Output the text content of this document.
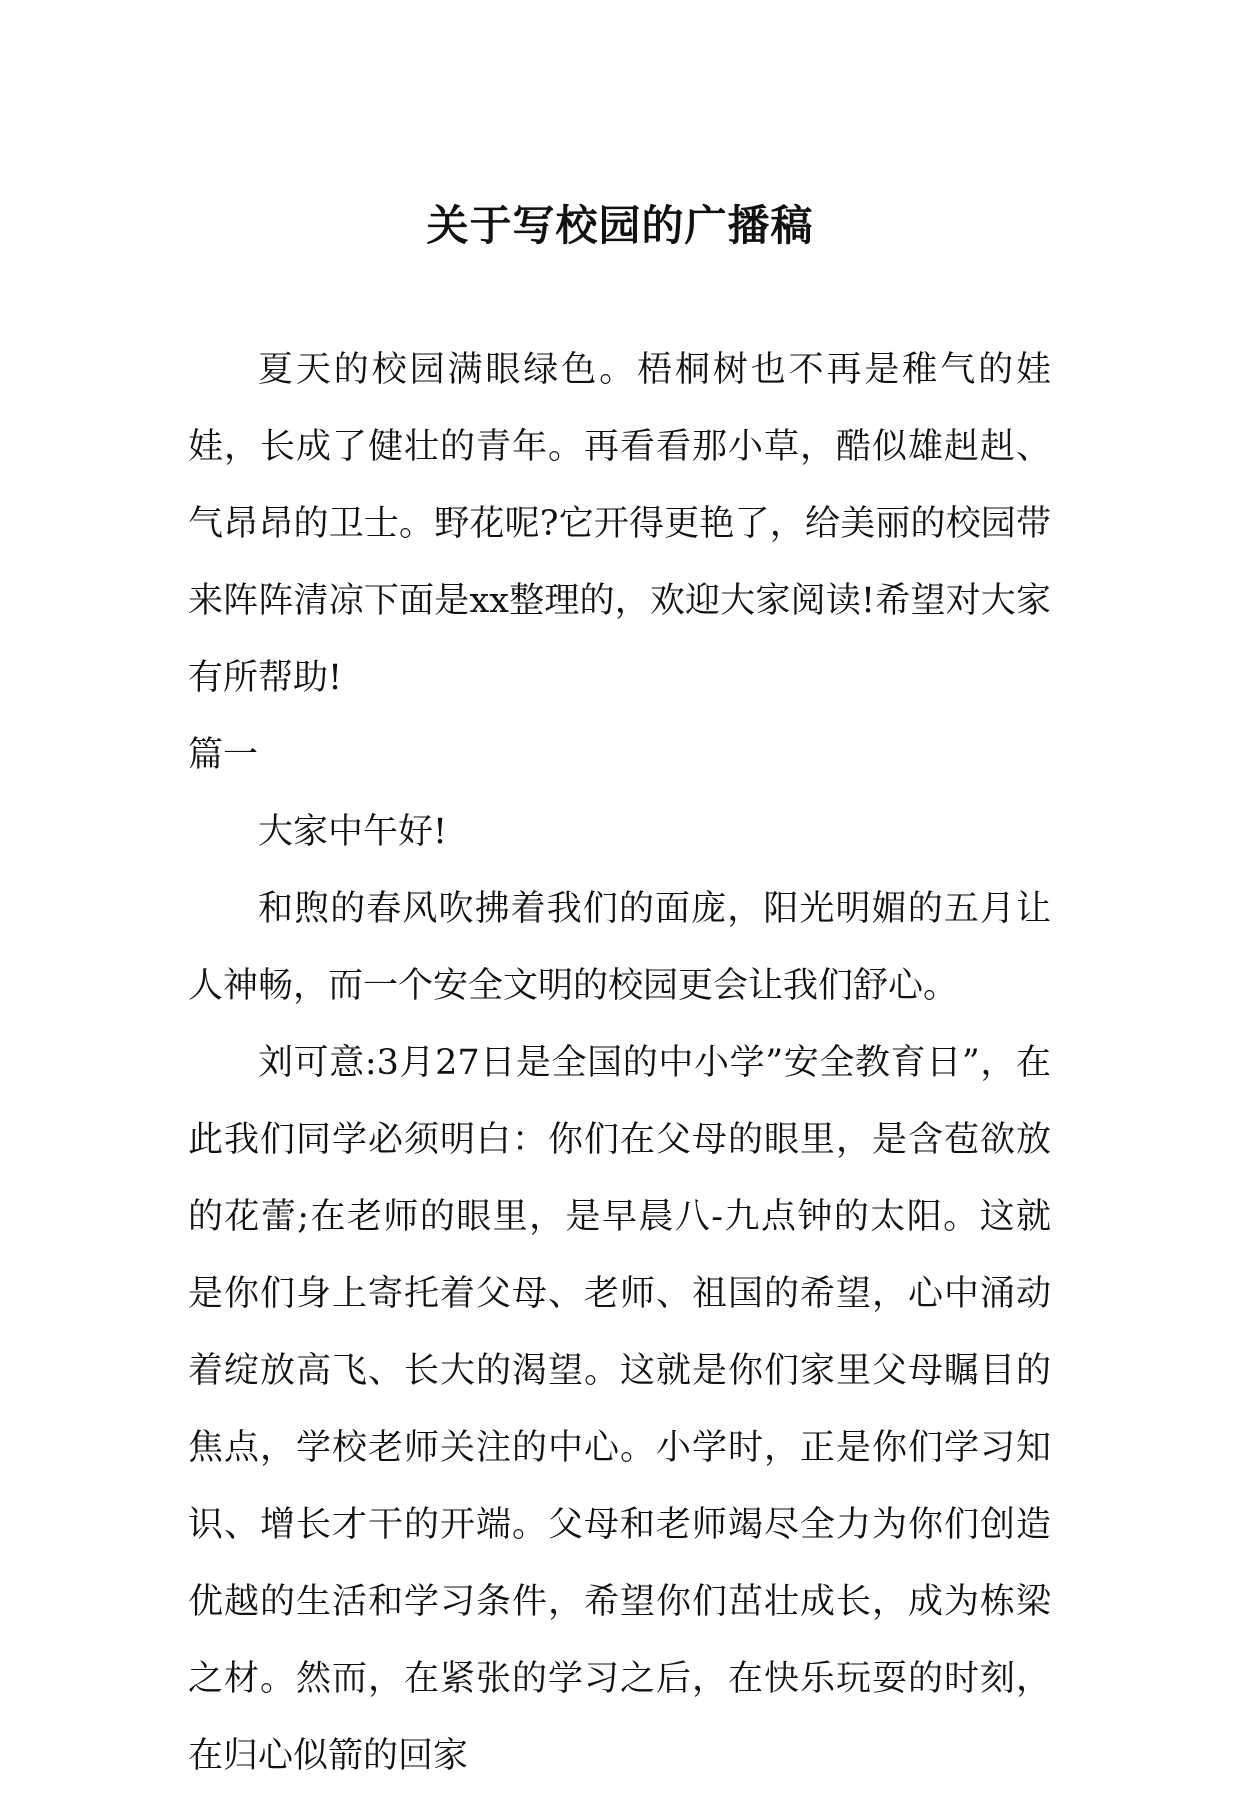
关于写校园的广播稿

夏天的校园满眼绿色。梧桐树也不再是稚气的娃娃，长成了健壮的青年。再看看那小草，酷似雄赳赳、气昂昂的卫士。野花呢?它开得更艳了，给美丽的校园带来阵阵清凉下面是xx整理的，欢迎大家阅读!希望对大家有所帮助!

篇一

大家中午好!

和煦的春风吹拂着我们的面庞，阳光明媚的五月让人神畅，而一个安全文明的校园更会让我们舒心。

刘可意:3月27日是全国的中小学”安全教育日”，在此我们同学必须明白：你们在父母的眼里，是含苞欲放的花蕾;在老师的眼里，是早晨八-九点钟的太阳。这就是你们身上寄托着父母、老师、祖国的希望，心中涌动着绽放高飞、长大的渴望。这就是你们家里父母瞩目的焦点，学校老师关注的中心。小学时，正是你们学习知识、增长才干的开端。父母和老师竭尽全力为你们创造优越的生活和学习条件，希望你们茁壮成长，成为栋梁之材。然而，在紧张的学习之后，在快乐玩耍的时刻，在归心似箭的回家
